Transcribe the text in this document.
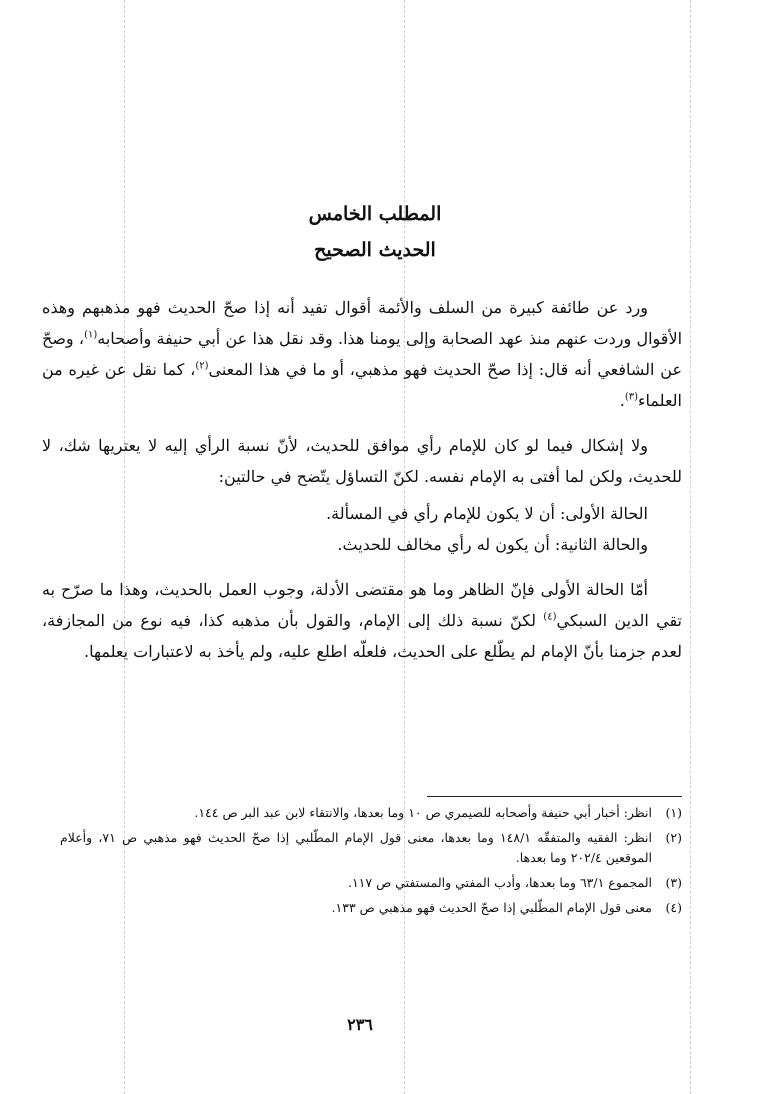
المطلب الخامس

الحديث الصحيح

ورد عن طائفة كبيرة من السلف والأئمة أقوال تفيد أنه إذا صحّ الحديث فهو مذهبهم وهذه الأقوال وردت عنهم منذ عهد الصحابة وإلى يومنا هذا. وقد نقل هذا عن أبي حنيفة وأصحابه$^{(١)}$، وصحّ عن الشافعي أنه قال: إذا صحّ الحديث فهو مذهبي، أو ما في هذا المعنى$^{(٢)}$، كما نقل عن غيره من العلماء$^{(٣)}$.

ولا إشكال فيما لو كان للإمام رأي موافق للحديث، لأنّ نسبة الرأي إليه لا يعتريها شك، لا للحديث، ولكن لما أفتى به الإمام نفسه. لكنّ التساؤل يتّضح في حالتين:

الحالة الأولى: أن لا يكون للإمام رأي في المسألة.

والحالة الثانية: أن يكون له رأي مخالف للحديث.

أمّا الحالة الأولى فإنّ الظاهر وما هو مقتضى الأدلة، وجوب العمل بالحديث، وهذا ما صرّح به تقي الدين السبكي$^{(٤)}$ لكنّ نسبة ذلك إلى الإمام، والقول بأن مذهبه كذا، فيه نوع من المجازفة، لعدم جزمنا بأنّ الإمام لم يطّلع على الحديث، فلعلّه اطلع عليه، ولم يأخذ به لاعتبارات يعلمها.

(١)
انظر: أخبار أبي حنيفة وأصحابه للصيمري ص ١٠ وما بعدها، والانتقاء لابن عبد البر ص ١٤٤.
(٢)
انظر: الفقيه والمتفقّه ١٤٨/١ وما بعدها، معنى قول الإمام المطّلبي إذا صحّ الحديث فهو مذهبي ص ٧١، وأعلام الموقعين ٢٠٢/٤ وما بعدها.
(٣)
المجموع ٦٣/١ وما بعدها، وأدب المفتي والمستفتي ص ١١٧.
(٤)
معنى قول الإمام المطّلبي إذا صحّ الحديث فهو مذهبي ص ١٣٣.
٢٣٦
